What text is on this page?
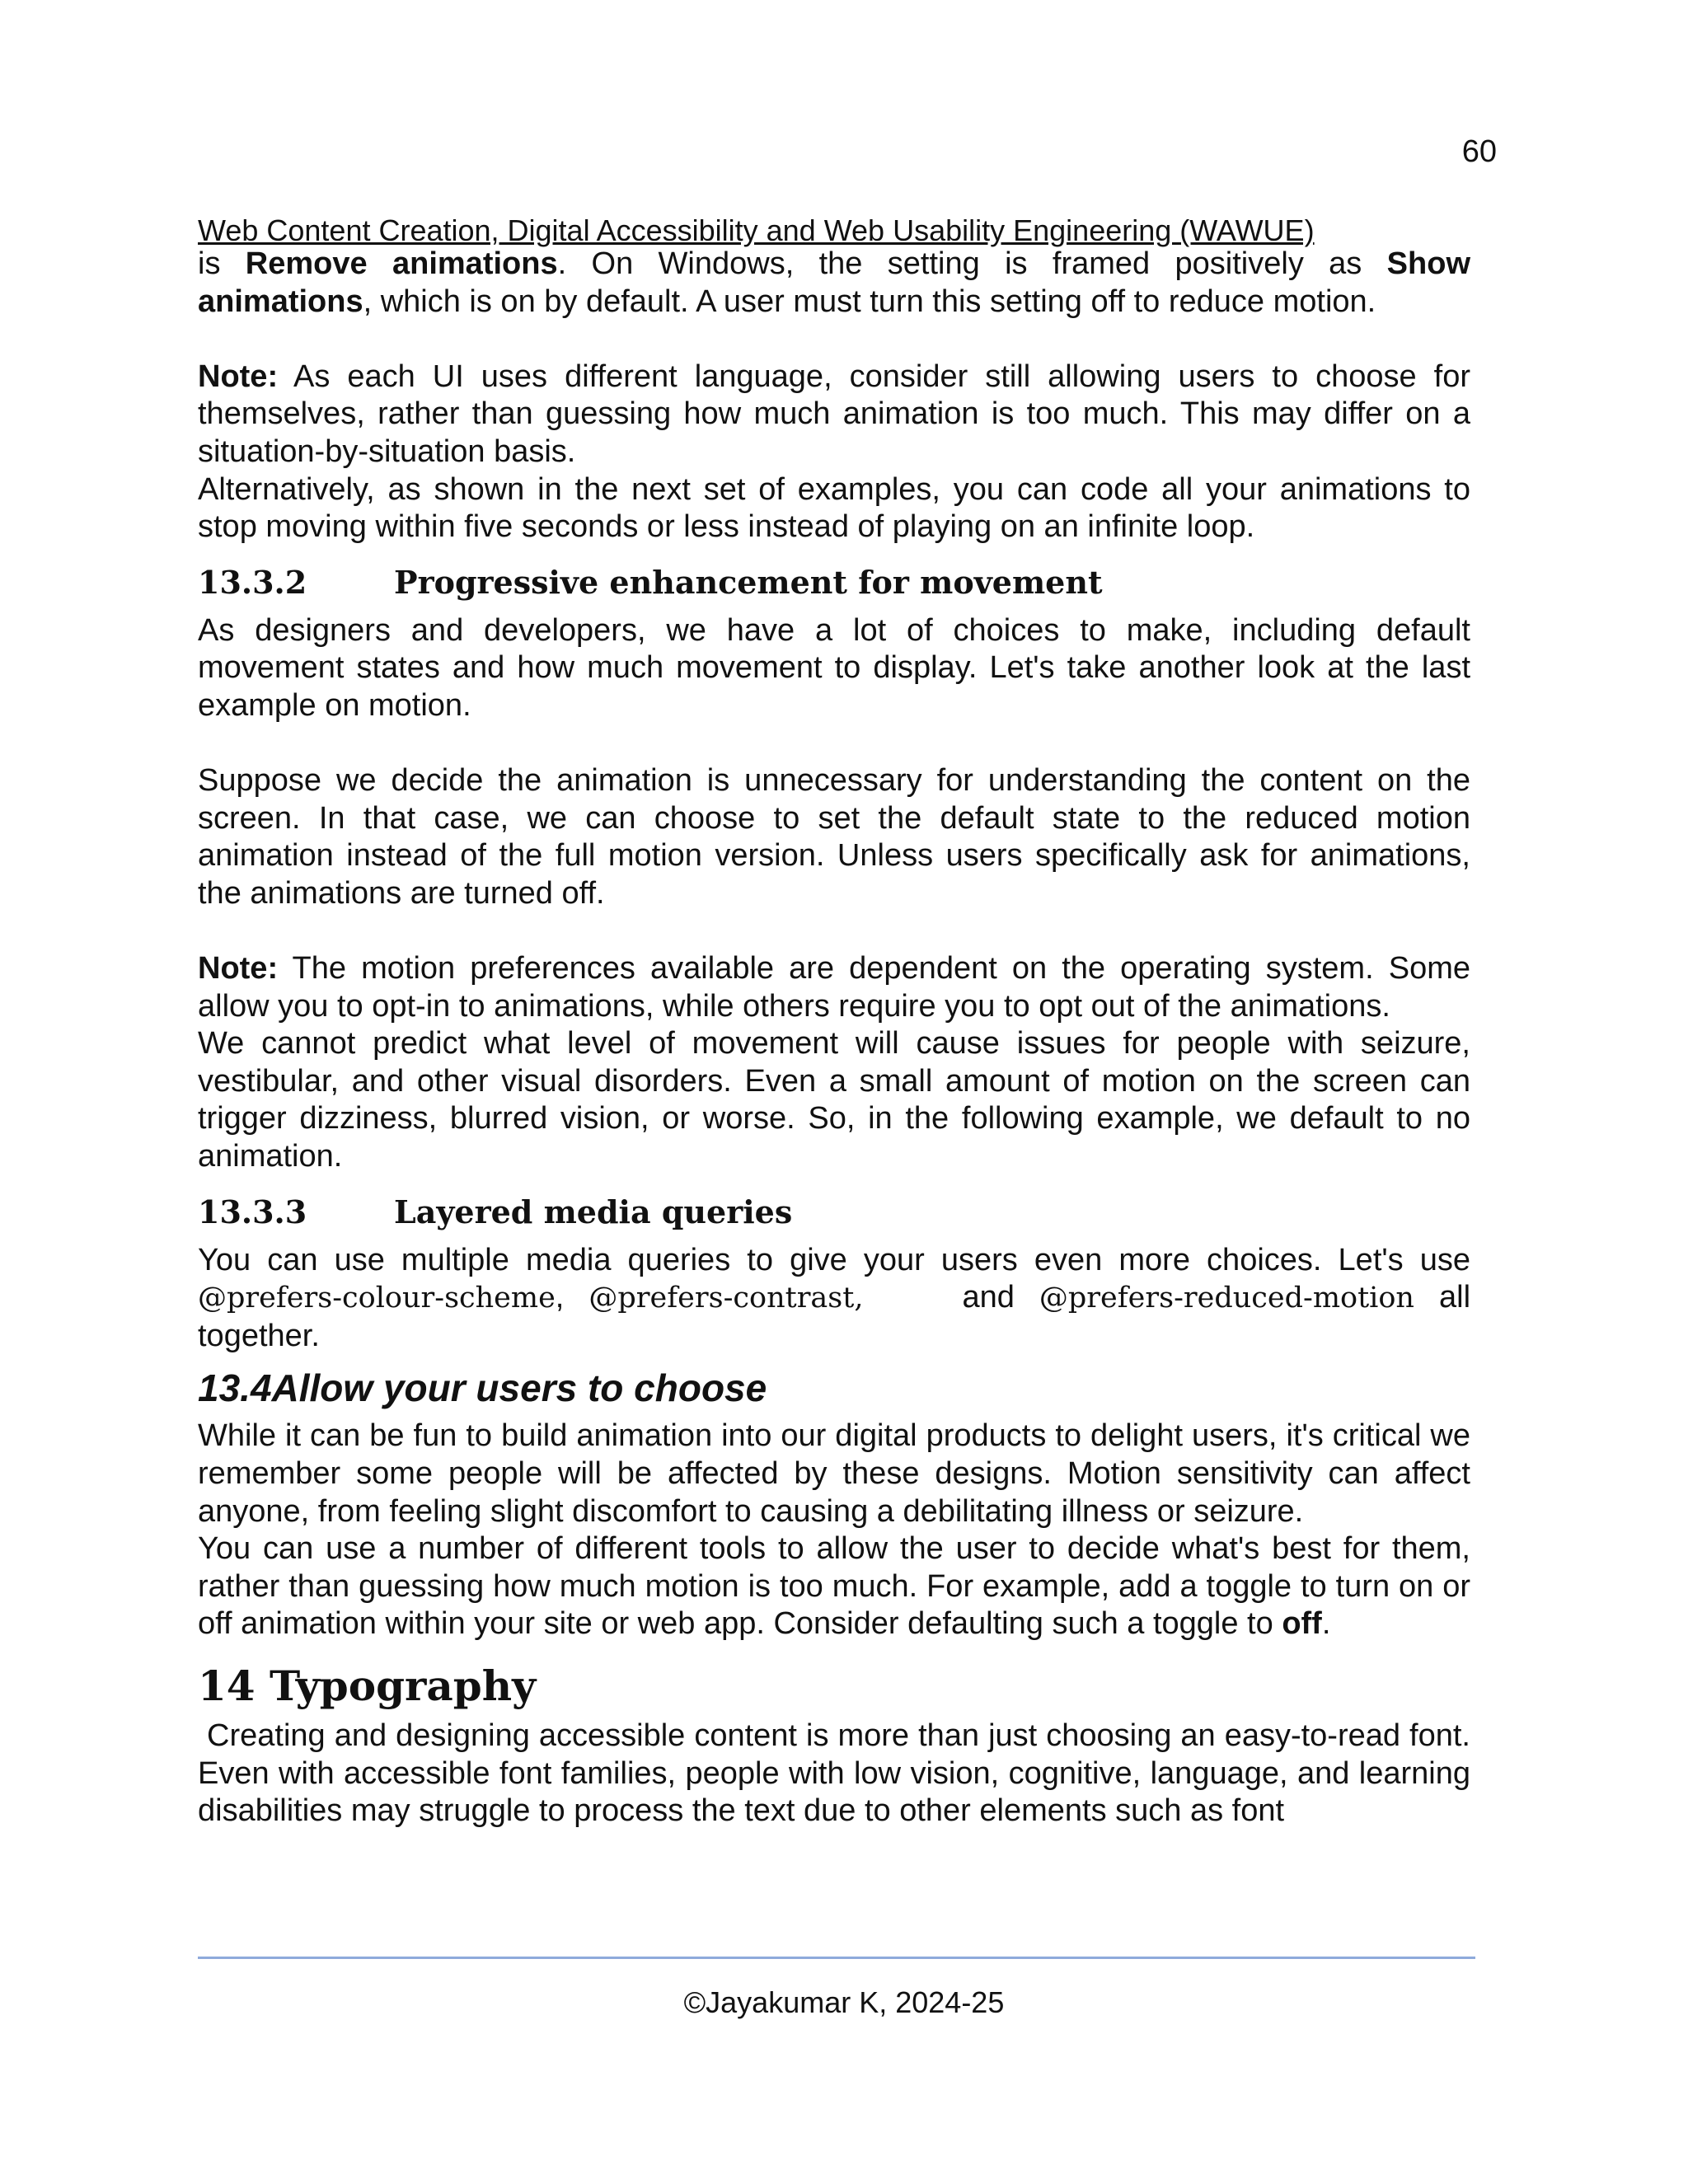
60
Web Content Creation, Digital Accessibility and Web Usability Engineering (WAWUE)

is Remove animations. On Windows, the setting is framed positively as Show animations, which is on by default. A user must turn this setting off to reduce motion.

Note: As each UI uses different language, consider still allowing users to choose for themselves, rather than guessing how much animation is too much. This may differ on a situation-by-situation basis.

Alternatively, as shown in the next set of examples, you can code all your animations to stop moving within five seconds or less instead of playing on an infinite loop.

13.3.2	Progressive enhancement for movement

As designers and developers, we have a lot of choices to make, including default movement states and how much movement to display. Let's take another look at the last example on motion.

Suppose we decide the animation is unnecessary for understanding the content on the screen. In that case, we can choose to set the default state to the reduced motion animation instead of the full motion version. Unless users specifically ask for animations, the animations are turned off.

Note: The motion preferences available are dependent on the operating system. Some allow you to opt-in to animations, while others require you to opt out of the animations.

We cannot predict what level of movement will cause issues for people with seizure, vestibular, and other visual disorders. Even a small amount of motion on the screen can trigger dizziness, blurred vision, or worse. So, in the following example, we default to no animation.

13.3.3	Layered media queries

You can use multiple media queries to give your users even more choices. Let's use @prefers-colour-scheme, @prefers-contrast,	and @prefers-reduced-motion all together.

13.4Allow your users to choose

While it can be fun to build animation into our digital products to delight users, it's critical we remember some people will be affected by these designs. Motion sensitivity can affect anyone, from feeling slight discomfort to causing a debilitating illness or seizure.

You can use a number of different tools to allow the user to decide what's best for them, rather than guessing how much motion is too much. For example, add a toggle to turn on or off animation within your site or web app. Consider defaulting such a toggle to off.

14 Typography

Creating and designing accessible content is more than just choosing an easy-to-read font. Even with accessible font families, people with low vision, cognitive, language, and learning disabilities may struggle to process the text due to other elements such as font

©Jayakumar K, 2024-25
